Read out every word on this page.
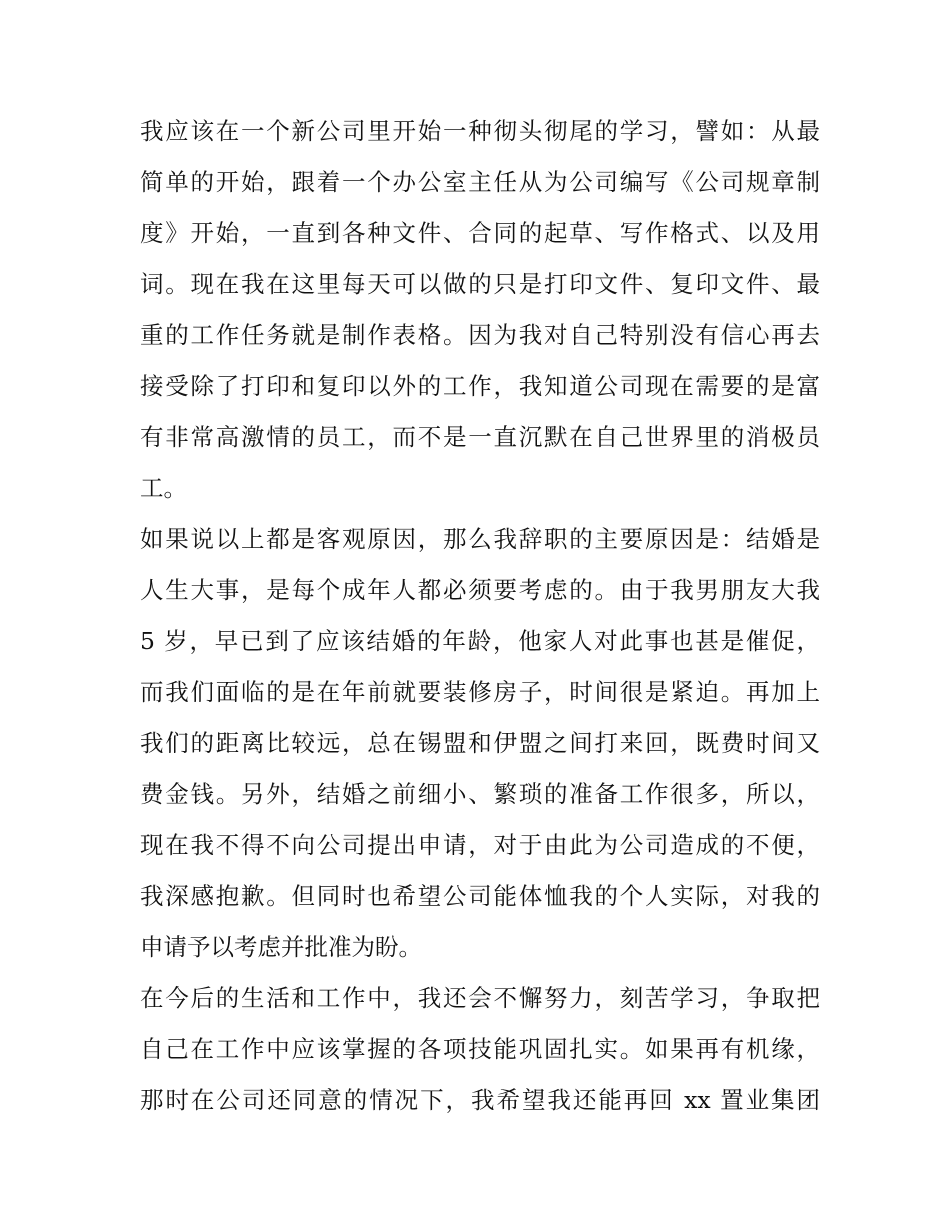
我应该在一个新公司里开始一种彻头彻尾的学习，譬如：从最
简单的开始，跟着一个办公室主任从为公司编写《公司规章制
度》开始，一直到各种文件、合同的起草、写作格式、以及用
词。现在我在这里每天可以做的只是打印文件、复印文件、最
重的工作任务就是制作表格。因为我对自己特别没有信心再去
接受除了打印和复印以外的工作，我知道公司现在需要的是富
有非常高激情的员工，而不是一直沉默在自己世界里的消极员
工。
如果说以上都是客观原因，那么我辞职的主要原因是：结婚是
人生大事，是每个成年人都必须要考虑的。由于我男朋友大我
5 岁，早已到了应该结婚的年龄，他家人对此事也甚是催促，
而我们面临的是在年前就要装修房子，时间很是紧迫。再加上
我们的距离比较远，总在锡盟和伊盟之间打来回，既费时间又
费金钱。另外，结婚之前细小、繁琐的准备工作很多，所以，
现在我不得不向公司提出申请，对于由此为公司造成的不便，
我深感抱歉。但同时也希望公司能体恤我的个人实际，对我的
申请予以考虑并批准为盼。
在今后的生活和工作中，我还会不懈努力，刻苦学习，争取把
自己在工作中应该掌握的各项技能巩固扎实。如果再有机缘，
那时在公司还同意的情况下，我希望我还能再回 xx 置业集团
